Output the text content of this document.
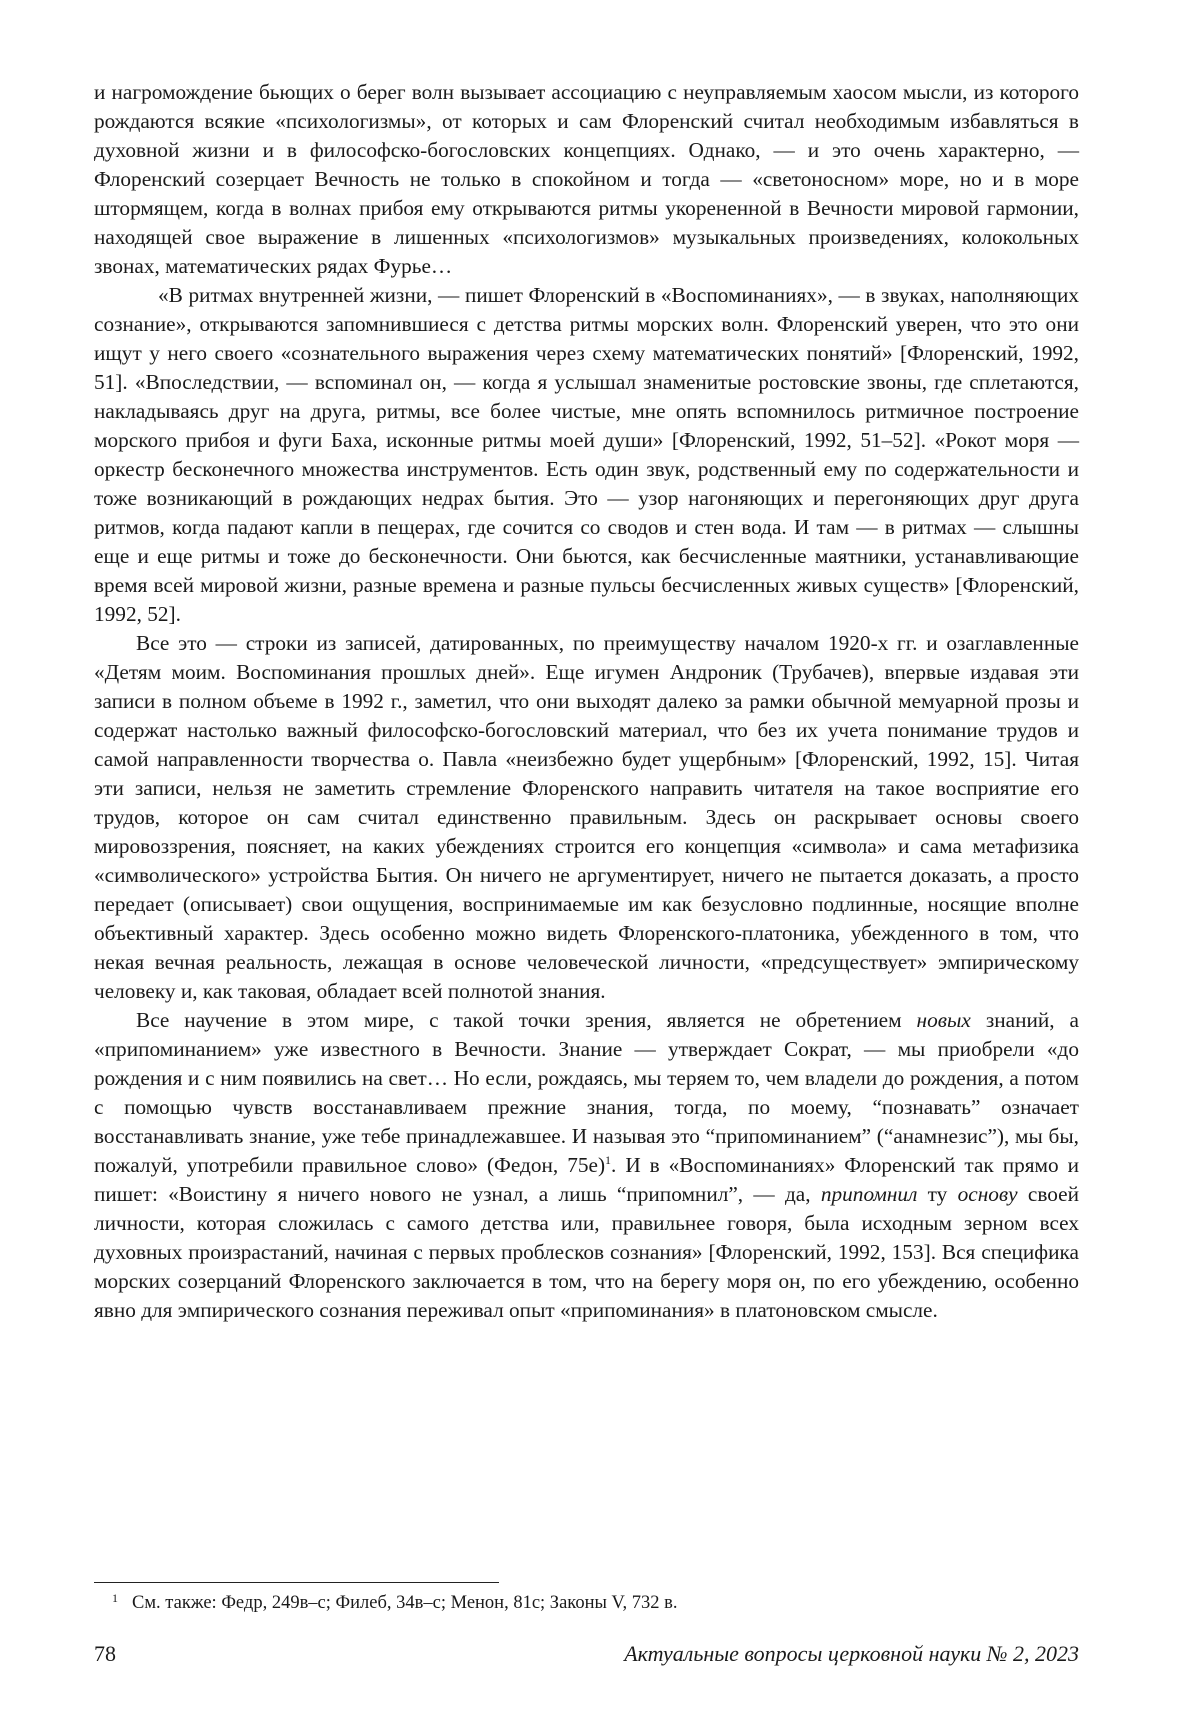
и нагромождение бьющих о берег волн вызывает ассоциацию с неуправляемым хаосом мысли, из которого рождаются всякие «психологизмы», от которых и сам Флоренский считал необходимым избавляться в духовной жизни и в философско-богословских концепциях. Однако, — и это очень характерно, — Флоренский созерцает Вечность не только в спокойном и тогда — «светоносном» море, но и в море штормящем, когда в волнах прибоя ему открываются ритмы укорененной в Вечности мировой гармонии, находящей свое выражение в лишенных «психологизмов» музыкальных произведениях, колокольных звонах, математических рядах Фурье…

«В ритмах внутренней жизни, — пишет Флоренский в «Воспоминаниях», — в звуках, наполняющих сознание», открываются запомнившиеся с детства ритмы морских волн. Флоренский уверен, что это они ищут у него своего «сознательного выражения через схему математических понятий» [Флоренский, 1992, 51]. «Впоследствии, — вспоминал он, — когда я услышал знаменитые ростовские звоны, где сплетаются, накладываясь друг на друга, ритмы, все более чистые, мне опять вспомнилось ритмичное построение морского прибоя и фуги Баха, исконные ритмы моей души» [Флоренский, 1992, 51–52]. «Рокот моря — оркестр бесконечного множества инструментов. Есть один звук, родственный ему по содержательности и тоже возникающий в рождающих недрах бытия. Это — узор нагоняющих и перегоняющих друг друга ритмов, когда падают капли в пещерах, где сочится со сводов и стен вода. И там — в ритмах — слышны еще и еще ритмы и тоже до бесконечности. Они бьются, как бесчисленные маятники, устанавливающие время всей мировой жизни, разные времена и разные пульсы бесчисленных живых существ» [Флоренский, 1992, 52].

Все это — строки из записей, датированных, по преимуществу началом 1920-х гг. и озаглавленные «Детям моим. Воспоминания прошлых дней». Еще игумен Андроник (Трубачев), впервые издавая эти записи в полном объеме в 1992 г., заметил, что они выходят далеко за рамки обычной мемуарной прозы и содержат настолько важный философско-богословский материал, что без их учета понимание трудов и самой направленности творчества о. Павла «неизбежно будет ущербным» [Флоренский, 1992, 15]. Читая эти записи, нельзя не заметить стремление Флоренского направить читателя на такое восприятие его трудов, которое он сам считал единственно правильным. Здесь он раскрывает основы своего мировоззрения, поясняет, на каких убеждениях строится его концепция «символа» и сама метафизика «символического» устройства Бытия. Он ничего не аргументирует, ничего не пытается доказать, а просто передает (описывает) свои ощущения, воспринимаемые им как безусловно подлинные, носящие вполне объективный характер. Здесь особенно можно видеть Флоренского-платоника, убежденного в том, что некая вечная реальность, лежащая в основе человеческой личности, «предсуществует» эмпирическому человеку и, как таковая, обладает всей полнотой знания.

Все научение в этом мире, с такой точки зрения, является не обретением новых знаний, а «припоминанием» уже известного в Вечности. Знание — утверждает Сократ, — мы приобрели «до рождения и с ним появились на свет… Но если, рождаясь, мы теряем то, чем владели до рождения, а потом с помощью чувств восстанавливаем прежние знания, тогда, по моему, “познавать” означает восстанавливать знание, уже тебе принадлежавшее. И называя это “припоминанием” (“анамнезис”), мы бы, пожалуй, употребили правильное слово» (Федон, 75е)$^1$. И в «Воспоминаниях» Флоренский так прямо и пишет: «Воистину я ничего нового не узнал, а лишь “припомнил”, — да, припомнил ту основу своей личности, которая сложилась с самого детства или, правильнее говоря, была исходным зерном всех духовных произрастаний, начиная с первых проблесков сознания» [Флоренский, 1992, 153]. Вся специфика морских созерцаний Флоренского заключается в том, что на берегу моря он, по его убеждению, особенно явно для эмпирического сознания переживал опыт «припоминания» в платоновском смысле.

1 См. также: Федр, 249в–с; Филеб, 34в–с; Менон, 81с; Законы V, 732 в.
78	Актуальные вопросы церковной науки № 2, 2023
